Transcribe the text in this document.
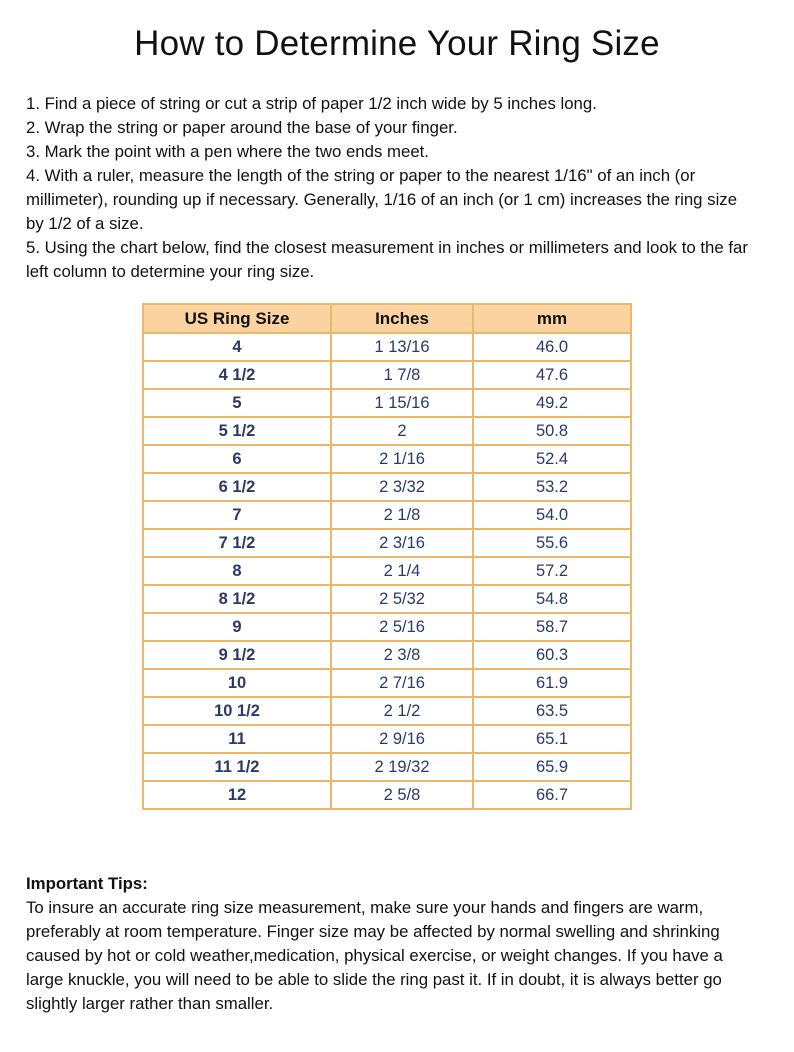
How to Determine Your Ring Size
1. Find a piece of string or cut a strip of paper 1/2 inch wide by 5 inches long.
2. Wrap the string or paper around the base of your finger.
3. Mark the point with a pen where the two ends meet.
4. With a ruler, measure the length of the string or paper to the nearest 1/16" of an inch (or millimeter), rounding up if necessary. Generally, 1/16 of an inch (or 1 cm) increases the ring size by 1/2 of a size.
5. Using the chart below, find the closest measurement in inches or millimeters and look to the far left column to determine your ring size.
US Ring Size	Inches	mm
4	1 13/16	46.0
4 1/2	1 7/8	47.6
5	1 15/16	49.2
5 1/2	2	50.8
6	2 1/16	52.4
6 1/2	2 3/32	53.2
7	2 1/8	54.0
7 1/2	2 3/16	55.6
8	2 1/4	57.2
8 1/2	2 5/32	54.8
9	2 5/16	58.7
9 1/2	2 3/8	60.3
10	2 7/16	61.9
10 1/2	2 1/2	63.5
11	2 9/16	65.1
11 1/2	2 19/32	65.9
12	2 5/8	66.7

Important Tips:

To insure an accurate ring size measurement, make sure your hands and fingers are warm, preferably at room temperature. Finger size may be affected by normal swelling and shrinking caused by hot or cold weather,medication, physical exercise, or weight changes. If you have a large knuckle, you will need to be able to slide the ring past it. If in doubt, it is always better go slightly larger rather than smaller.
